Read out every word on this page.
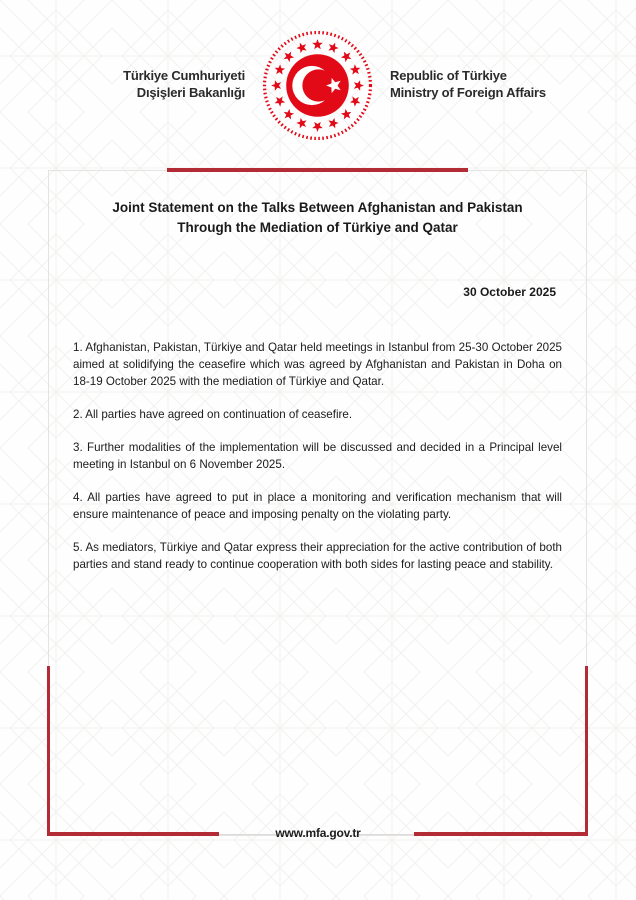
Türkiye Cumhuriyeti
Dışişleri Bakanlığı
Republic of Türkiye
Ministry of Foreign Affairs
Joint Statement on the Talks Between Afghanistan and Pakistan
Through the Mediation of Türkiye and Qatar
30 October 2025

1. Afghanistan, Pakistan, Türkiye and Qatar held meetings in Istanbul from 25-30 October 2025 aimed at solidifying the ceasefire which was agreed by Afghanistan and Pakistan in Doha on 18-19 October 2025 with the mediation of Türkiye and Qatar.

2. All parties have agreed on continuation of ceasefire.

3. Further modalities of the implementation will be discussed and decided in a Principal level meeting in Istanbul on 6 November 2025.

4. All parties have agreed to put in place a monitoring and verification mechanism that will ensure maintenance of peace and imposing penalty on the violating party.

5. As mediators, Türkiye and Qatar express their appreciation for the active contribution of both parties and stand ready to continue cooperation with both sides for lasting peace and stability.

www.mfa.gov.tr
